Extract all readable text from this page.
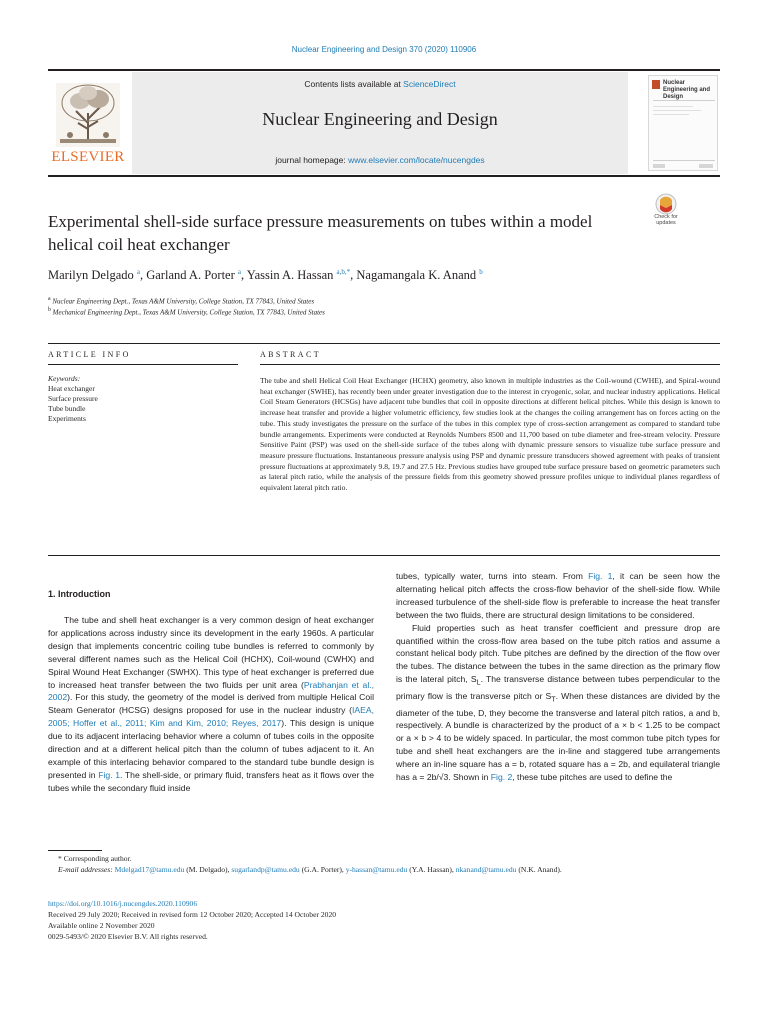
Nuclear Engineering and Design 370 (2020) 110906
ELSEVIER
Contents lists available at ScienceDirect
Nuclear Engineering and Design
journal homepage: www.elsevier.com/locate/nucengdes
Nuclear Engineering and Design
Experimental shell-side surface pressure measurements on tubes within a model helical coil heat exchanger
Check for updates
Marilyn Delgado $^a$, Garland A. Porter $^a$, Yassin A. Hassan $^{a,b,*}$, Nagamangala K. Anand $^b$
$^a$ Nuclear Engineering Dept., Texas A&M University, College Station, TX 77843, United States
$^b$ Mechanical Engineering Dept., Texas A&M University, College Station, TX 77843, United States
ARTICLE INFO
Keywords:
Heat exchanger
Surface pressure
Tube bundle
Experiments
ABSTRACT
The tube and shell Helical Coil Heat Exchanger (HCHX) geometry, also known in multiple industries as the Coil-wound (CWHE), and Spiral-wound heat exchanger (SWHE), has recently been under greater investigation due to the interest in cryogenic, solar, and nuclear industry applications. Helical Coil Steam Generators (HCSGs) have adjacent tube bundles that coil in opposite directions at different helical pitches. While this design is known to increase heat transfer and provide a higher volumetric efficiency, few studies look at the changes the coiling arrangement has on forces acting on the tube. This study investigates the pressure on the surface of the tubes in this complex type of cross-section arrangement as compared to standard tube bundle arrangements. Experiments were conducted at Reynolds Numbers 8500 and 11,700 based on tube diameter and free-stream velocity. Pressure Sensitive Paint (PSP) was used on the shell-side surface of the tubes along with dynamic pressure sensors to visualize tube surface pressure and measure pressure fluctuations. Instantaneous pressure analysis using PSP and dynamic pressure transducers showed agreement with peaks of transient pressure fluctuations at approximately 9.8, 19.7 and 27.5 Hz. Previous studies have grouped tube surface pressure based on geometric parameters such as lateral pitch ratio, while the analysis of the pressure fields from this geometry showed pressure profiles unique to individual planes regardless of equivalent lateral pitch ratio.
1. Introduction

The tube and shell heat exchanger is a very common design of heat exchanger for applications across industry since its development in the early 1960s. A particular design that implements concentric coiling tube bundles is referred to commonly by several different names such as the Helical Coil (HCHX), Coil-wound (CWHX) and Spiral Wound Heat Exchanger (SWHX). This type of heat exchanger is preferred due to increased heat transfer between the two fluids per unit area (Prabhanjan et al., 2002). For this study, the geometry of the model is derived from multiple Helical Coil Steam Generator (HCSG) designs proposed for use in the nuclear industry (IAEA, 2005; Hoffer et al., 2011; Kim and Kim, 2010; Reyes, 2017). This design is unique due to its adjacent interlacing behavior where a column of tubes coils in the opposite direction and at a different helical pitch than the column of tubes adjacent to it. An example of this interlacing behavior compared to the standard tube bundle design is presented in Fig. 1. The shell-side, or primary fluid, transfers heat as it flows over the tubes while the secondary fluid inside

tubes, typically water, turns into steam. From Fig. 1, it can be seen how the alternating helical pitch affects the cross-flow behavior of the shell-side flow. While increased turbulence of the shell-side flow is preferable to increase the heat transfer between the two fluids, there are structural design limitations to be considered.

Fluid properties such as heat transfer coefficient and pressure drop are quantified within the cross-flow area based on the tube pitch ratios and assume a constant helical body pitch. Tube pitches are defined by the direction of the flow over the tubes. The distance between the tubes in the same direction as the primary flow is the lateral pitch, $S_L$. The transverse distance between tubes perpendicular to the primary flow is the transverse pitch or $S_T$. When these distances are divided by the diameter of the tube, D, they become the transverse and lateral pitch ratios, a and b, respectively. A bundle is characterized by the product of a × b < 1.25 to be compact or a × b > 4 to be widely spaced. In particular, the most common tube pitch types for tube and shell heat exchangers are the in-line and staggered tube arrangements where an in-line square has a = b, rotated square has a = 2b, and equilateral triangle has a = 2b/√3. Shown in Fig. 2, these tube pitches are used to define the

* Corresponding author.
E-mail addresses: Mdelgad17@tamu.edu (M. Delgado), sugarlandp@tamu.edu (G.A. Porter), y-hassan@tamu.edu (Y.A. Hassan), nkanand@tamu.edu (N.K. Anand).
https://doi.org/10.1016/j.nucengdes.2020.110906
Received 29 July 2020; Received in revised form 12 October 2020; Accepted 14 October 2020
Available online 2 November 2020
0029-5493/© 2020 Elsevier B.V. All rights reserved.
